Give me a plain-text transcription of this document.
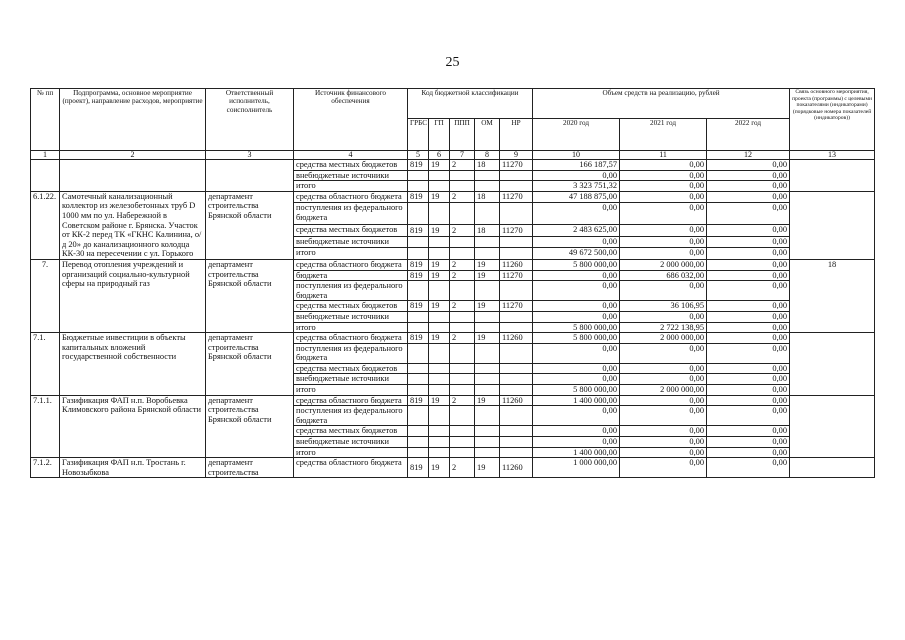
25
№ пп	Подпрограмма, основное мероприятие (проект), направление расходов, мероприятие	Ответственный исполнитель, соисполнитель	Источник финансового обеспечения	Код бюджетной классификации					Объем средств на реализацию, рублей			Связь основного мероприятия, проекта (программы) с целевыми показателями (индикаторами) (порядковые номера показателей (индикаторов))
				ГРБС	ГП	ППП	ОМ	НР	2020 год	2021 год	2022 год	
1	2	3	4	5	6	7	8	9	10	11	12	13
			средства местных бюджетов	819	19	2	18	11270	166 187,57	0,00	0,00	
			внебюджетные источники						0,00	0,00	0,00	
			итого						3 323 751,32	0,00	0,00	
6.1.22.	Самотечный канализационный коллектор из железобетонных труб D 1000 мм по ул. Набережной в Советском районе г. Брянска. Участок от КК-2 перед ТК «ГКНС Калинина, о/д 20» до канализационного колодца КК-30 на пересечении с ул. Горького	департамент строительства Брянской области	средства областного бюджета	819	19	2	18	11270	47 188 875,00	0,00	0,00	
			поступления из федерального бюджета						0,00	0,00	0,00	
			средства местных бюджетов	819	19	2	18	11270	2 483 625,00	0,00	0,00	
			внебюджетные источники						0,00	0,00	0,00	
			итого						49 672 500,00	0,00	0,00	
7.	Перевод отопления учреждений и организаций социально-культурной сферы на природный газ	департамент строительства Брянской области	средства областного бюджета	819	19	2	19	11260	5 800 000,00	2 000 000,00	0,00	18
			бюджета	819	19	2	19	11270	0,00	686 032,00	0,00	
			поступления из федерального бюджета						0,00	0,00	0,00	
			средства местных бюджетов	819	19	2	19	11270	0,00	36 106,95	0,00	
			внебюджетные источники						0,00	0,00	0,00	
			итого						5 800 000,00	2 722 138,95	0,00	
7.1.	Бюджетные инвестиции в объекты капитальных вложений государственной собственности	департамент строительства Брянской области	средства областного бюджета	819	19	2	19	11260	5 800 000,00	2 000 000,00	0,00	
			поступления из федерального бюджета						0,00	0,00	0,00	
			средства местных бюджетов						0,00	0,00	0,00	
			внебюджетные источники						0,00	0,00	0,00	
			итого						5 800 000,00	2 000 000,00	0,00	
7.1.1.	Газификация ФАП н.п. Воробьевка Климовского района Брянской области	департамент строительства Брянской области	средства областного бюджета	819	19	2	19	11260	1 400 000,00	0,00	0,00	
			поступления из федерального бюджета						0,00	0,00	0,00	
			средства местных бюджетов						0,00	0,00	0,00	
			внебюджетные источники						0,00	0,00	0,00	
			итого						1 400 000,00	0,00	0,00	
7.1.2.	Газификация ФАП н.п. Тростань г. Новозыбкова	департамент строительства	средства областного бюджета	819	19	2	19	11260	1 000 000,00	0,00	0,00	
